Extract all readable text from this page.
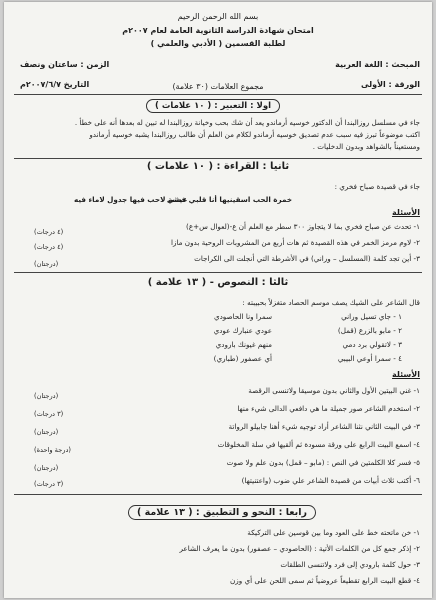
بسم الله الرحمن الرحيم
امتحان شهادة الدراسة الثانوية العامة لعام ٢٠٠٧م
لطلبة القسمين ( الأدبي والعلمي )
المبحث : اللغة العربية
الزمن : ساعتان ونصف
الورقة : الأولى
التاريخ ٢٠٠٧/٦/٧م	مجموع العلامات (٣٠ علامة)
اولا : التعبير : ( ١٠ علامات )
جاء في مسلسل روزالبندا أن الدكتور خوسيه أرماندو يعد أن شك بحب وخيانة روزالبندا له تبين له بعدها أنه على خطأ .
اكتب موضوعاً تبرز فيه سبب عدم تصديق خوسيه أرماندو لكلام من العلم أن طالب روزالبندا يشبه خوسيه أرماندو
ومستعيناً بالشواهد وبدون الدخليات .
ثانيا : القراءة : ( ١٠ علامات )
جاء في قصيدة صباح فخري :
خمرة الحب اسقينيها أنا قلبي فشي
عيشة لاحب فيها جدول لاماء فيه
الأسئلة
١- تحدث عن صباح فخري بما لا يتجاوز ٣٠٠ سطر مع العلم أن ع-(لعوال س+ع)
(٤ درجات)
٢- لاوم مرمز الخمر في هذه القصيدة ثم هات أربع من المشروبات الروحية بدون مازا
(٤ درجات)
٣- أين تجد كلمة (المسلسل – وراني) في الأشرطة التي أنجلت الى الكراجات
(درجتان)
ثالثا : النصوص - ( ١٣ علامة )
قال الشاعر على الشيك يصف موسم الحصاد متغزلاً بحبيبته :
١ - جاي تسيل وراني
سمرا ونا الحاصودي
٢ - مابو بالزرع (قمل)
عودي عنبارك عودي
٣ - لاتقولي برد دمي
منهم غيونك بارودي
٤ - سمرا أوعي البيبي
أي عصفور (طباري)
الأسئلة
١- غني البيتين الأول والثاني بدون موسيقا ولاتنسى الرقصة
(درجتان)
٢- استخدم الشاعر صور جميلة ما هي دافعي الدالى شيء منها
(٣ درجات)
٣- في البيت الثاني نثنا الشاعر أراد توجيه شيء أهنا جابيلو الرواتة
(درجتان)
٤- اسمع البيت الرابع على ورقة مسودة ثم ألقيها في سلة المخلوقات
(درجة واحدة)
٥- فسر كلا الكلمتين في النص : (مابو – قمل) بدون علم ولا صوت
(درجتان)
٦- أكتب ثلاث أبيات من قصيدة الشاعر علي ضوب (واعتنيتها)
(٣ درجات)
رابعا : النحو و التطبيق : ( ١٣ علامة )
١- خن ماتحته خط على العود وما بين قوسين على التركيكة
٢- إذكر جمع كل من الكلمات الأتية : (الحاصودي – عصفور) بدون ما يعرف الشاعر
٣- حول كلمة بارودي إلى فرد ولاتنسى الطلقات
٤- قطع البيت الرابع تقطيعاً عروضياً ثم سمى اللحن على أي وزن
